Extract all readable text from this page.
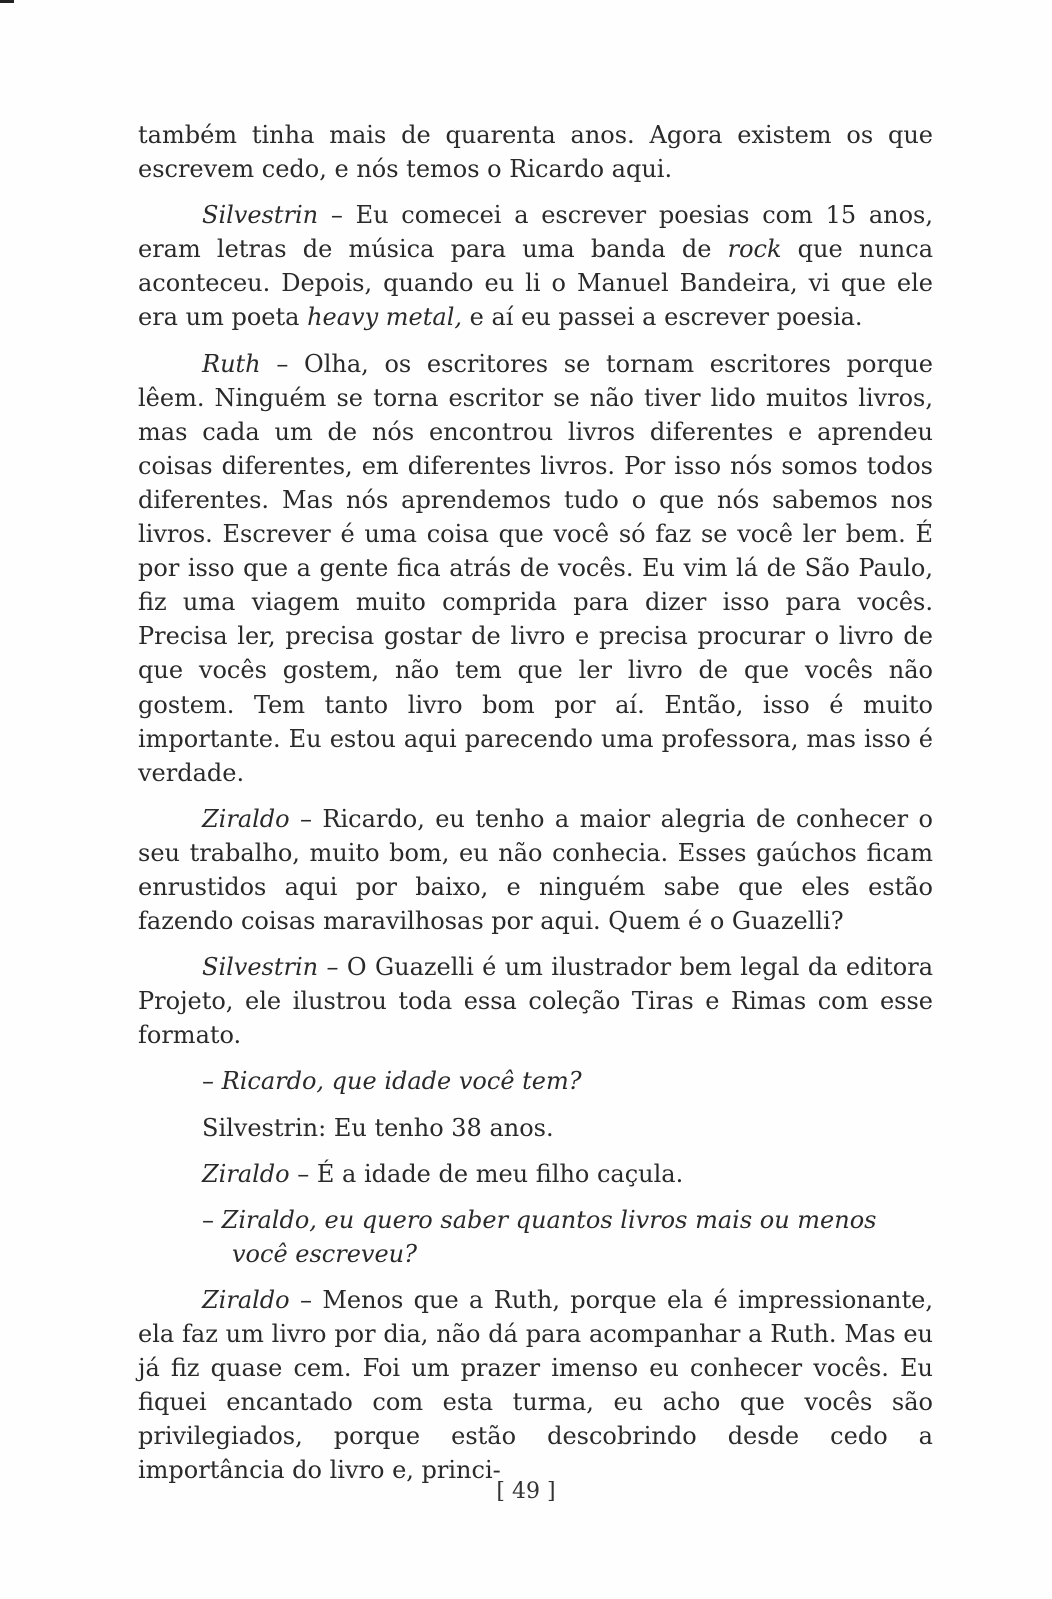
também tinha mais de quarenta anos. Agora existem os que escrevem cedo, e nós temos o Ricardo aqui.

Silvestrin – Eu comecei a escrever poesias com 15 anos, eram letras de música para uma banda de rock que nunca aconteceu. Depois, quando eu li o Manuel Bandeira, vi que ele era um poeta heavy metal, e aí eu passei a escrever poesia.

Ruth – Olha, os escritores se tornam escritores porque lêem. Ninguém se torna escritor se não tiver lido muitos livros, mas cada um de nós encontrou livros diferentes e aprendeu coisas diferentes, em diferentes livros. Por isso nós somos todos diferentes. Mas nós aprendemos tudo o que nós sabemos nos livros. Escrever é uma coisa que você só faz se você ler bem. É por isso que a gente fica atrás de vocês. Eu vim lá de São Paulo, fiz uma viagem muito comprida para dizer isso para vocês. Precisa ler, precisa gostar de livro e precisa procurar o livro de que vocês gostem, não tem que ler livro de que vocês não gostem. Tem tanto livro bom por aí. Então, isso é muito importante. Eu estou aqui parecendo uma professora, mas isso é verdade.

Ziraldo – Ricardo, eu tenho a maior alegria de conhecer o seu trabalho, muito bom, eu não conhecia. Esses gaúchos ficam enrustidos aqui por baixo, e ninguém sabe que eles estão fazendo coisas maravilhosas por aqui. Quem é o Guazelli?

Silvestrin – O Guazelli é um ilustrador bem legal da editora Projeto, ele ilustrou toda essa coleção Tiras e Rimas com esse formato.

– Ricardo, que idade você tem?

Silvestrin: Eu tenho 38 anos.

Ziraldo – É a idade de meu filho caçula.

– Ziraldo, eu quero saber quantos livros mais ou menos você escreveu?

Ziraldo – Menos que a Ruth, porque ela é impressionante, ela faz um livro por dia, não dá para acompanhar a Ruth. Mas eu já fiz quase cem. Foi um prazer imenso eu conhecer vocês. Eu fiquei encantado com esta turma, eu acho que vocês são privilegiados, porque estão descobrindo desde cedo a importância do livro e, princi-

[ 49 ]
